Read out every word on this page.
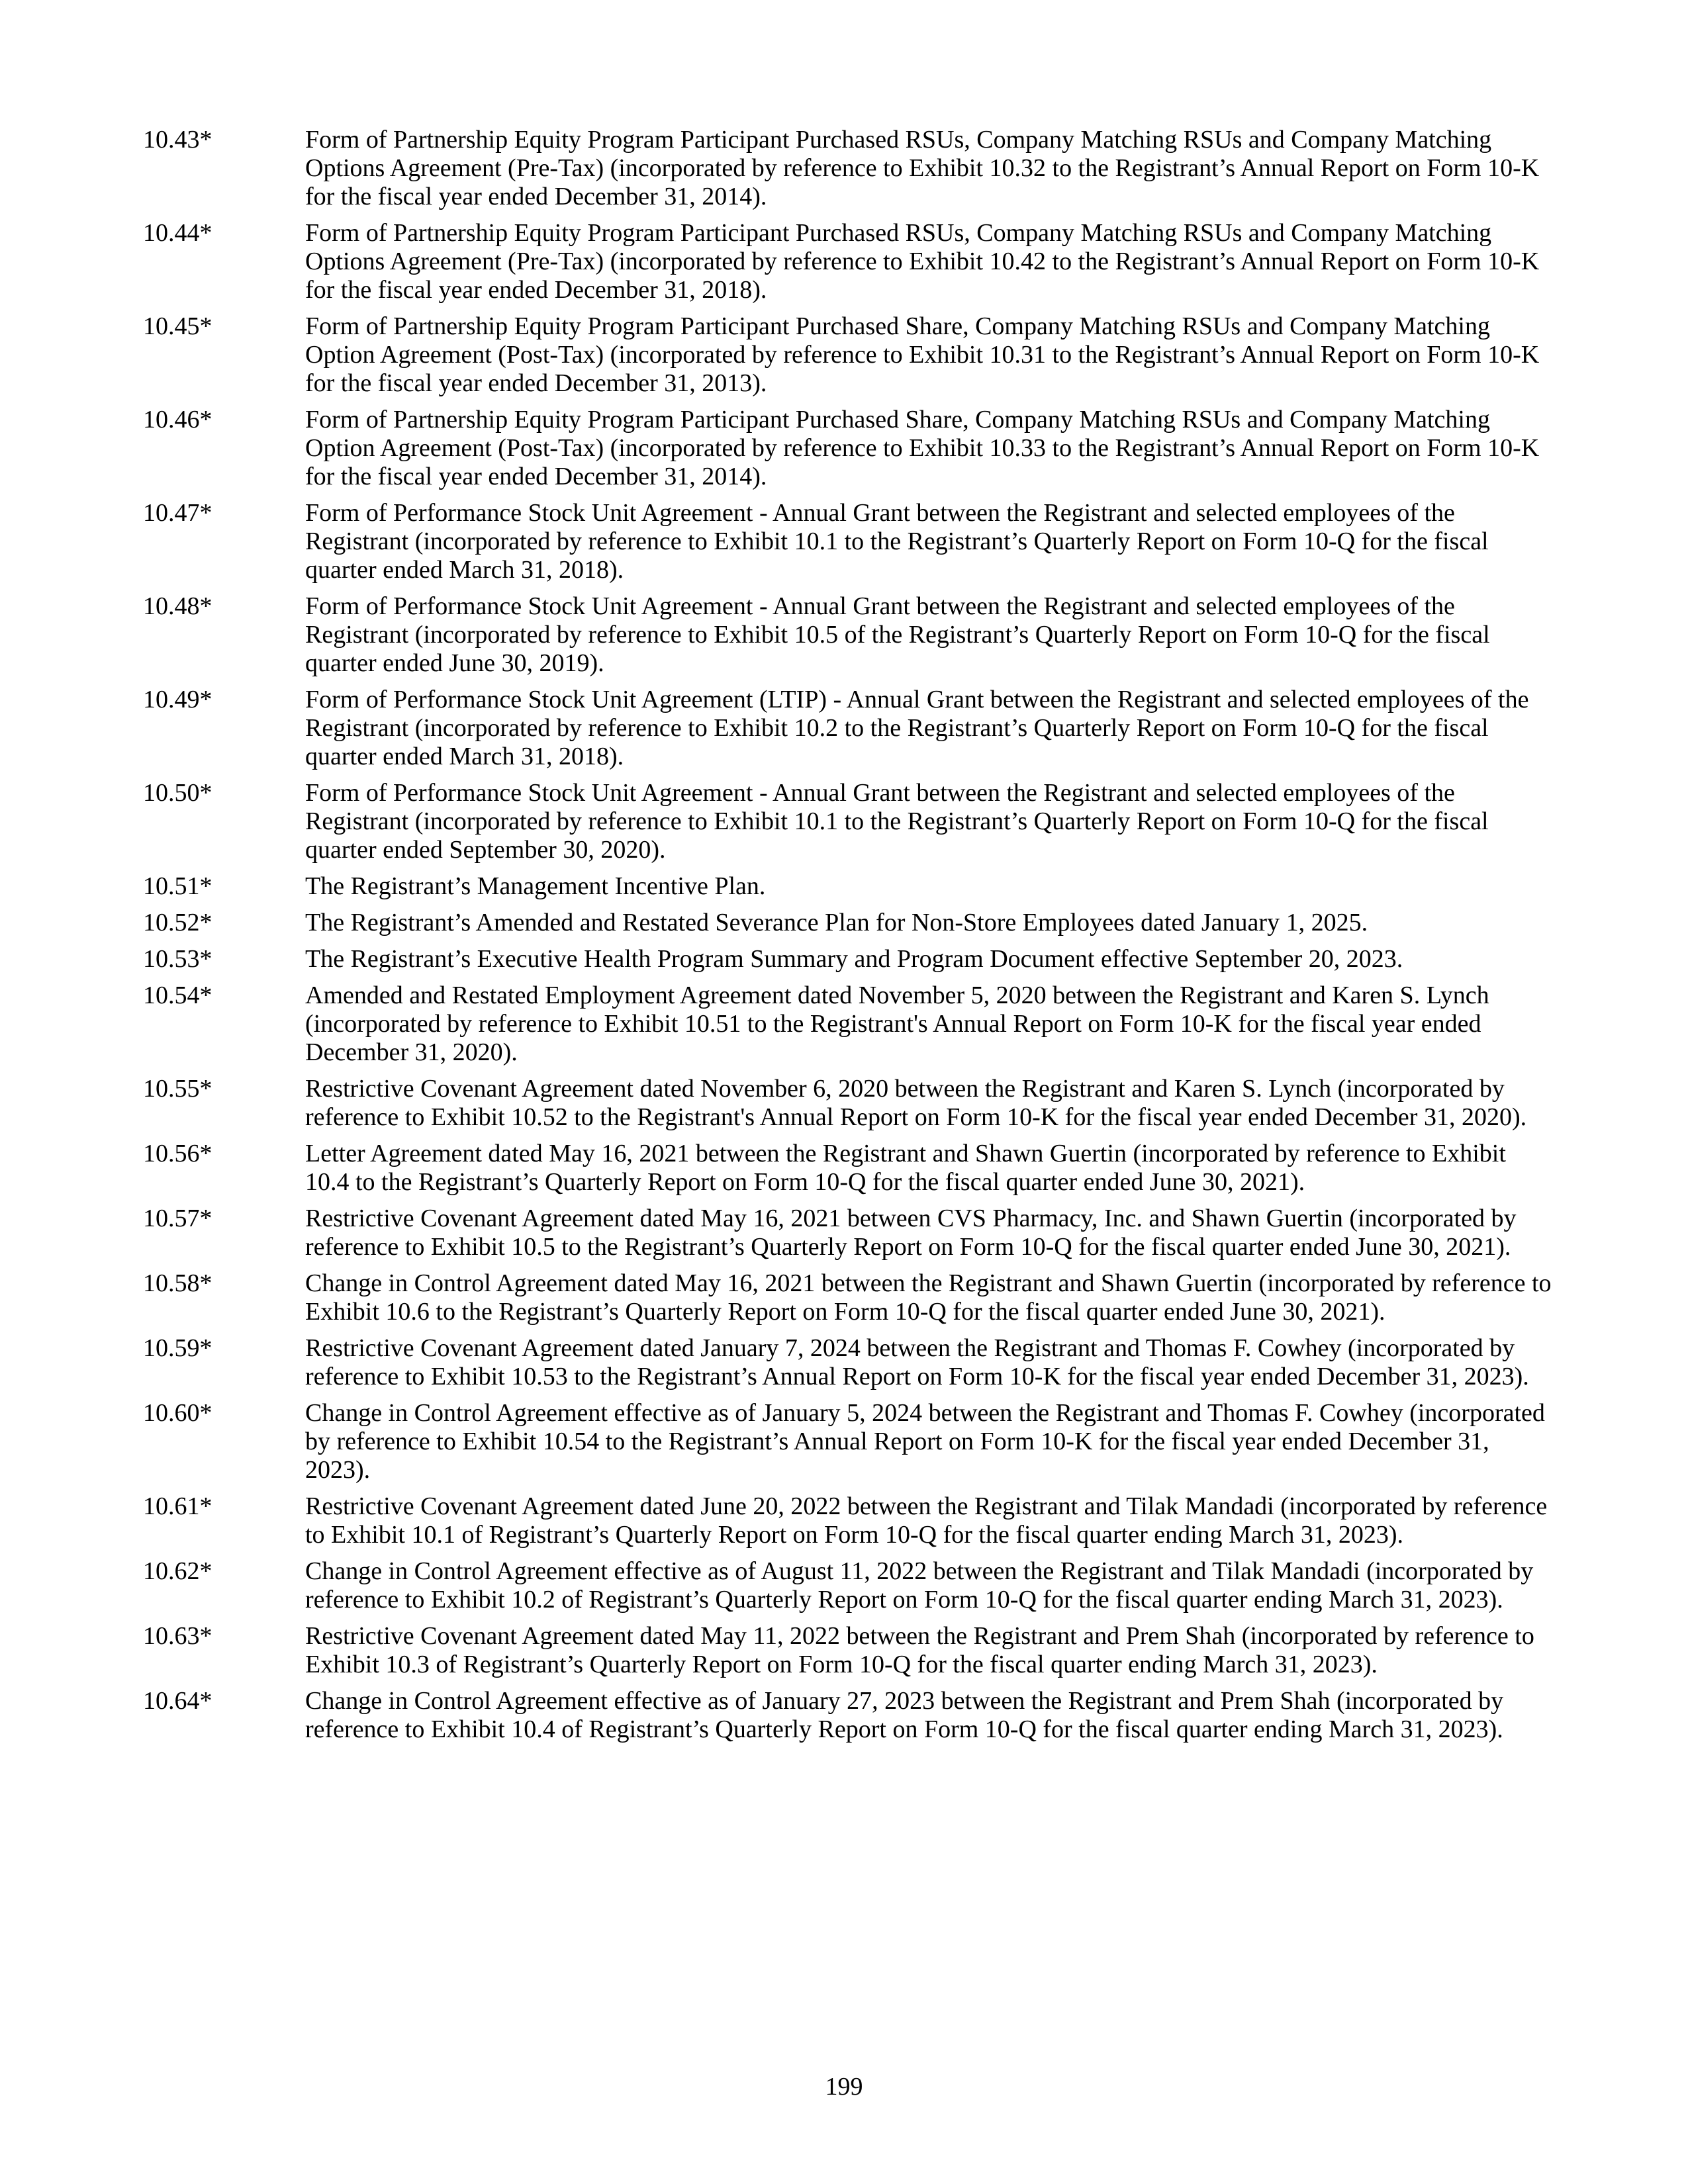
10.43*	Form of Partnership Equity Program Participant Purchased RSUs, Company Matching RSUs and Company Matching Options Agreement (Pre-Tax) (incorporated by reference to Exhibit 10.32 to the Registrant’s Annual Report on Form 10-K for the fiscal year ended December 31, 2014).
10.44*	Form of Partnership Equity Program Participant Purchased RSUs, Company Matching RSUs and Company Matching Options Agreement (Pre-Tax) (incorporated by reference to Exhibit 10.42 to the Registrant’s Annual Report on Form 10-K for the fiscal year ended December 31, 2018).
10.45*	Form of Partnership Equity Program Participant Purchased Share, Company Matching RSUs and Company Matching Option Agreement (Post-Tax) (incorporated by reference to Exhibit 10.31 to the Registrant’s Annual Report on Form 10-K for the fiscal year ended December 31, 2013).
10.46*	Form of Partnership Equity Program Participant Purchased Share, Company Matching RSUs and Company Matching Option Agreement (Post-Tax) (incorporated by reference to Exhibit 10.33 to the Registrant’s Annual Report on Form 10-K for the fiscal year ended December 31, 2014).
10.47*	Form of Performance Stock Unit Agreement - Annual Grant between the Registrant and selected employees of the Registrant (incorporated by reference to Exhibit 10.1 to the Registrant’s Quarterly Report on Form 10-Q for the fiscal quarter ended March 31, 2018).
10.48*	Form of Performance Stock Unit Agreement - Annual Grant between the Registrant and selected employees of the Registrant (incorporated by reference to Exhibit 10.5 of the Registrant’s Quarterly Report on Form 10-Q for the fiscal quarter ended June 30, 2019).
10.49*	Form of Performance Stock Unit Agreement (LTIP) - Annual Grant between the Registrant and selected employees of the Registrant (incorporated by reference to Exhibit 10.2 to the Registrant’s Quarterly Report on Form 10-Q for the fiscal quarter ended March 31, 2018).
10.50*	Form of Performance Stock Unit Agreement - Annual Grant between the Registrant and selected employees of the Registrant (incorporated by reference to Exhibit 10.1 to the Registrant’s Quarterly Report on Form 10-Q for the fiscal quarter ended September 30, 2020).
10.51*	The Registrant’s Management Incentive Plan.
10.52*	The Registrant’s Amended and Restated Severance Plan for Non-Store Employees dated January 1, 2025.
10.53*	The Registrant’s Executive Health Program Summary and Program Document effective September 20, 2023.
10.54*	Amended and Restated Employment Agreement dated November 5, 2020 between the Registrant and Karen S. Lynch (incorporated by reference to Exhibit 10.51 to the Registrant's Annual Report on Form 10-K for the fiscal year ended December 31, 2020).
10.55*	Restrictive Covenant Agreement dated November 6, 2020 between the Registrant and Karen S. Lynch (incorporated by reference to Exhibit 10.52 to the Registrant's Annual Report on Form 10-K for the fiscal year ended December 31, 2020).
10.56*	Letter Agreement dated May 16, 2021 between the Registrant and Shawn Guertin (incorporated by reference to Exhibit 10.4 to the Registrant’s Quarterly Report on Form 10-Q for the fiscal quarter ended June 30, 2021).
10.57*	Restrictive Covenant Agreement dated May 16, 2021 between CVS Pharmacy, Inc. and Shawn Guertin (incorporated by reference to Exhibit 10.5 to the Registrant’s Quarterly Report on Form 10-Q for the fiscal quarter ended June 30, 2021).
10.58*	Change in Control Agreement dated May 16, 2021 between the Registrant and Shawn Guertin (incorporated by reference to Exhibit 10.6 to the Registrant’s Quarterly Report on Form 10-Q for the fiscal quarter ended June 30, 2021).
10.59*	Restrictive Covenant Agreement dated January 7, 2024 between the Registrant and Thomas F. Cowhey (incorporated by reference to Exhibit 10.53 to the Registrant’s Annual Report on Form 10-K for the fiscal year ended December 31, 2023).
10.60*	Change in Control Agreement effective as of January 5, 2024 between the Registrant and Thomas F. Cowhey (incorporated by reference to Exhibit 10.54 to the Registrant’s Annual Report on Form 10-K for the fiscal year ended December 31, 2023).
10.61*	Restrictive Covenant Agreement dated June 20, 2022 between the Registrant and Tilak Mandadi (incorporated by reference to Exhibit 10.1 of Registrant’s Quarterly Report on Form 10-Q for the fiscal quarter ending March 31, 2023).
10.62*	Change in Control Agreement effective as of August 11, 2022 between the Registrant and Tilak Mandadi (incorporated by reference to Exhibit 10.2 of Registrant’s Quarterly Report on Form 10-Q for the fiscal quarter ending March 31, 2023).
10.63*	Restrictive Covenant Agreement dated May 11, 2022 between the Registrant and Prem Shah (incorporated by reference to Exhibit 10.3 of Registrant’s Quarterly Report on Form 10-Q for the fiscal quarter ending March 31, 2023).
10.64*	Change in Control Agreement effective as of January 27, 2023 between the Registrant and Prem Shah (incorporated by reference to Exhibit 10.4 of Registrant’s Quarterly Report on Form 10-Q for the fiscal quarter ending March 31, 2023).
199
